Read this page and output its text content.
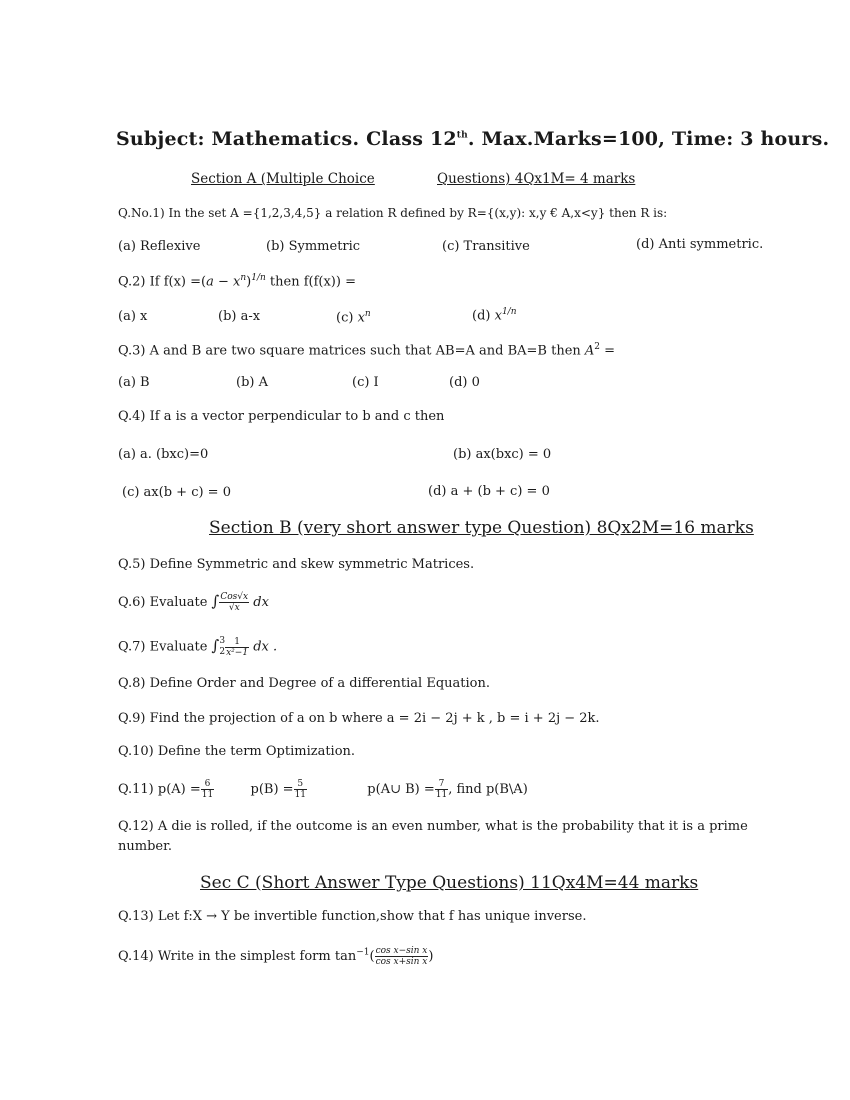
Subject: Mathematics. Class 12th. Max.Marks=100, Time: 3 hours.
Section A (Multiple Choice	Questions) 4Qx1M= 4 marks
Q.No.1) In the set A ={1,2,3,4,5} a relation R defined by R={(x,y): x,y € A,x<y} then R is:
(a) Reflexive	(b) Symmetric	(c) Transitive	(d) Anti symmetric.
Q.2) If $f(x) =(a - x^n)^{1/n}$ then f(f(x)) =
(a) x	(b) a-x	(c) $x^n$	(d) $x^{1/n}$
Q.3) A and B are two square matrices such that AB=A and BA=B then $A^2$ =
(a) B	(b) A	(c) I	(d) 0
Q.4) If a is a vector perpendicular to b and c then
(a) a. (bxc)=0	(b) ax(bxc) = 0
(c) ax(b + c) = 0	(d) a + (b + c) = 0
Section B (very short answer type Question) 8Qx2M=16 marks
Q.5) Define Symmetric and skew symmetric Matrices.
Q.6) Evaluate ∫ $\frac{\text{Cos√x}}{√x}$ dx
Q.7) Evaluate ∫ 3
$2 \frac{1}{\text{x²−1}}$ dx .
Q.8) Define Order and Degree of a differential Equation.
Q.9) Find the projection of a on b where a = 2i − 2j + k , b = i + 2j − 2k.
Q.10) Define the term Optimization.
Q.11) $p(A) = \frac{6}{11}$	$p(B) = \frac{5}{11}$	p(A∪ $B) = \frac{7}{11}$ , find p(B\A)
Q.12) A die is rolled, if the outcome is an even number, what is the probability that it is a prime
number.
Sec C (Short Answer Type Questions) 11Qx4M=44 marks
Q.13) Let f:X → Y be invertible function,show that f has unique inverse.
Q.14) Write in the simplest form $\tan^{-1}( \frac{\text{cos x−sin x}}{\text{cos x+sin x}}$ )
